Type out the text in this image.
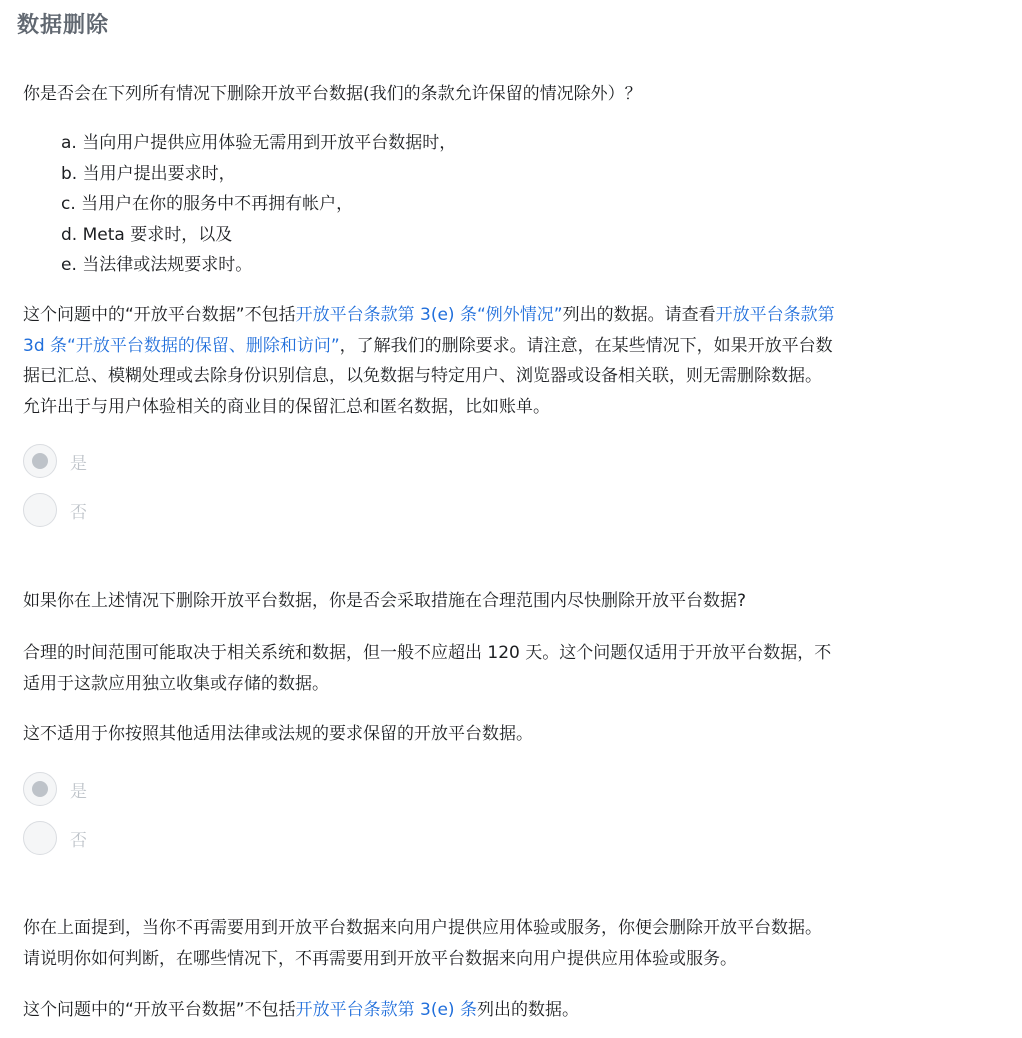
数据删除
你是否会在下列所有情况下删除开放平台数据(我们的条款允许保留的情况除外）？
a. 当向用户提供应用体验无需用到开放平台数据时，
b. 当用户提出要求时，
c. 当用户在你的服务中不再拥有帐户，
d. Meta 要求时，以及
e. 当法律或法规要求时。
这个问题中的“开放平台数据”不包括开放平台条款第 3(e) 条“例外情况”列出的数据。请查看开放平台条款第
3d 条“开放平台数据的保留、删除和访问”，了解我们的删除要求。请注意，在某些情况下，如果开放平台数
据已汇总、模糊处理或去除身份识别信息，以免数据与特定用户、浏览器或设备相关联，则无需删除数据。
允许出于与用户体验相关的商业目的保留汇总和匿名数据，比如账单。
是
否
如果你在上述情况下删除开放平台数据，你是否会采取措施在合理范围内尽快删除开放平台数据?
合理的时间范围可能取决于相关系统和数据，但一般不应超出 120 天。这个问题仅适用于开放平台数据，不
适用于这款应用独立收集或存储的数据。
这不适用于你按照其他适用法律或法规的要求保留的开放平台数据。
是
否
你在上面提到，当你不再需要用到开放平台数据来向用户提供应用体验或服务，你便会删除开放平台数据。
请说明你如何判断，在哪些情况下，不再需要用到开放平台数据来向用户提供应用体验或服务。
这个问题中的“开放平台数据”不包括开放平台条款第 3(e) 条列出的数据。
